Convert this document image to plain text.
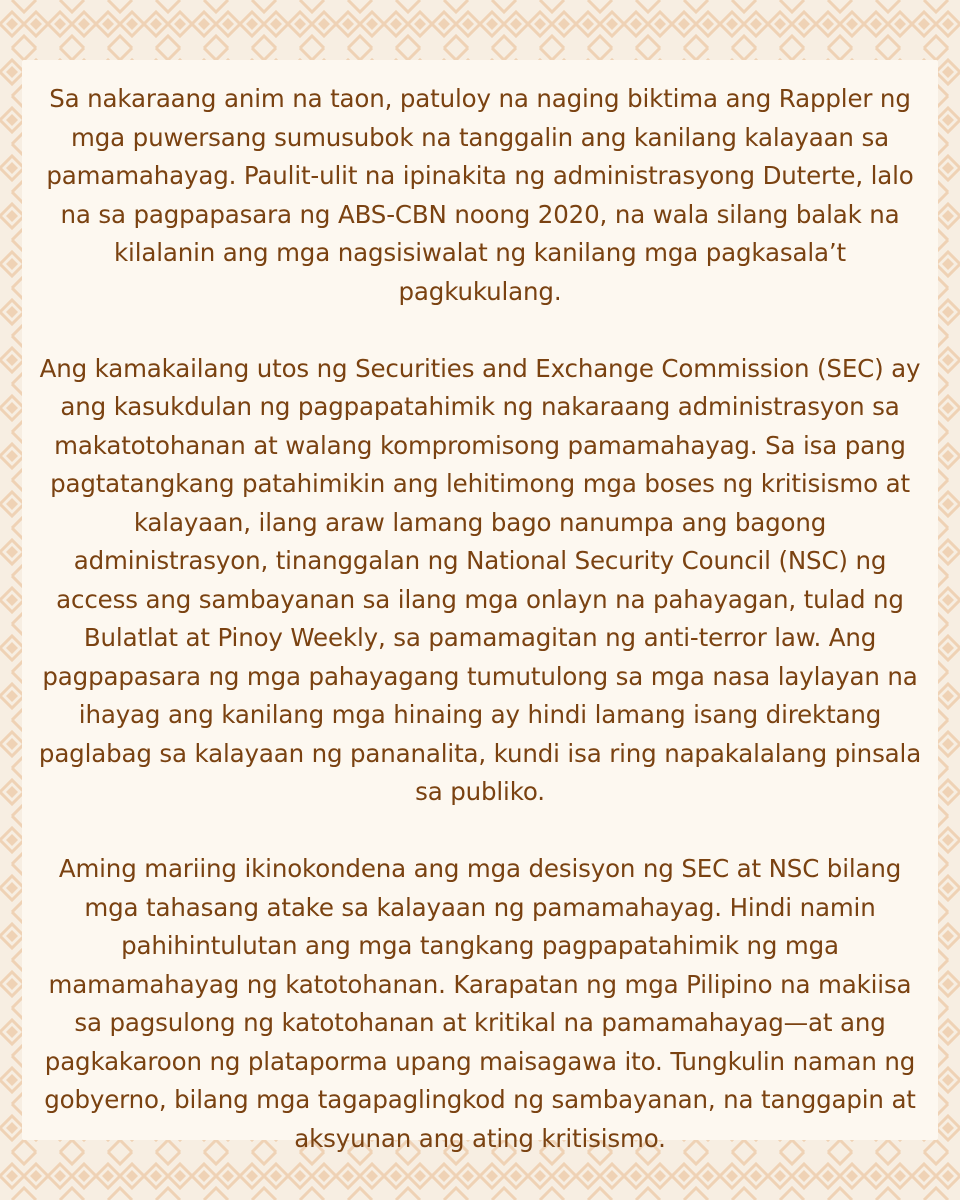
Sa nakaraang anim na taon, patuloy na naging biktima ang Rappler ng mga puwersang sumusubok na tanggalin ang kanilang kalayaan sa pamamahayag. Paulit-ulit na ipinakita ng administrasyong Duterte, lalo na sa pagpapasara ng ABS-CBN noong 2020, na wala silang balak na kilalanin ang mga nagsisiwalat ng kanilang mga pagkasala’t pagkukulang.

Ang kamakailang utos ng Securities and Exchange Commission (SEC) ay ang kasukdulan ng pagpapatahimik ng nakaraang administrasyon sa makatotohanan at walang kompromisong pamamahayag. Sa isa pang pagtatangkang patahimikin ang lehitimong mga boses ng kritisismo at kalayaan, ilang araw lamang bago nanumpa ang bagong administrasyon, tinanggalan ng National Security Council (NSC) ng access ang sambayanan sa ilang mga onlayn na pahayagan, tulad ng Bulatlat at Pinoy Weekly, sa pamamagitan ng anti-terror law. Ang pagpapasara ng mga pahayagang tumutulong sa mga nasa laylayan na ihayag ang kanilang mga hinaing ay hindi lamang isang direktang paglabag sa kalayaan ng pananalita, kundi isa ring napakalalang pinsala sa publiko.

Aming mariing ikinokondena ang mga desisyon ng SEC at NSC bilang mga tahasang atake sa kalayaan ng pamamahayag. Hindi namin pahihintulutan ang mga tangkang pagpapatahimik ng mga mamamahayag ng katotohanan. Karapatan ng mga Pilipino na makiisa sa pagsulong ng katotohanan at kritikal na pamamahayag—at ang pagkakaroon ng plataporma upang maisagawa ito. Tungkulin naman ng gobyerno, bilang mga tagapaglingkod ng sambayanan, na tanggapin at aksyunan ang ating kritisismo.
